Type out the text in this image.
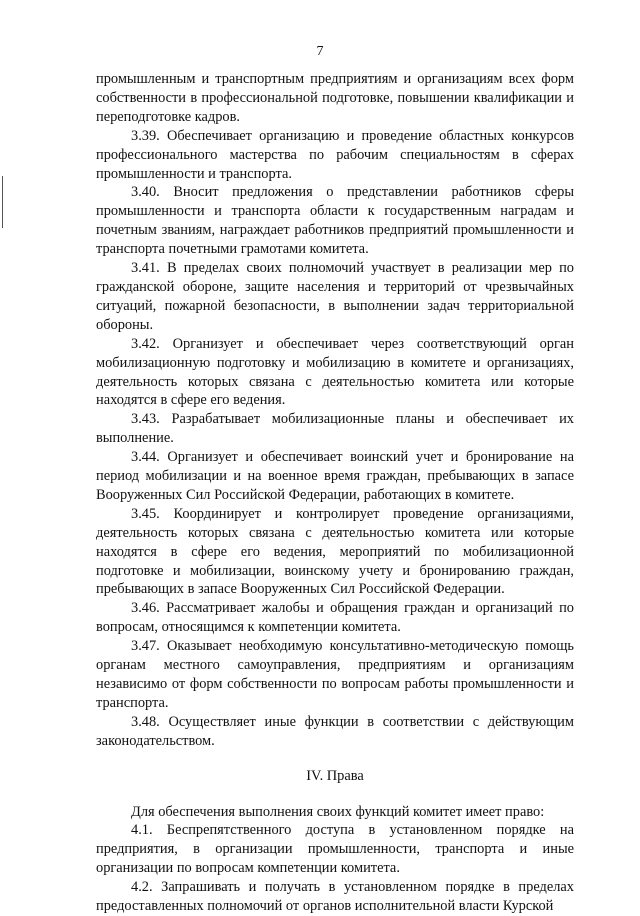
7

промышленным и транспортным предприятиям и организациям всех форм собственности в профессиональной подготовке, повышении квалификации и переподготовке кадров.

3.39. Обеспечивает организацию и проведение областных конкурсов профессионального мастерства по рабочим специальностям в сферах промышленности и транспорта.

3.40. Вносит предложения о представлении работников сферы промышленности и транспорта области к государственным наградам и почетным званиям, награждает работников предприятий промышленности и транспорта почетными грамотами комитета.

3.41. В пределах своих полномочий участвует в реализации мер по гражданской обороне, защите населения и территорий от чрезвычайных ситуаций, пожарной безопасности, в выполнении задач территориальной обороны.

3.42. Организует и обеспечивает через соответствующий орган мобилизационную подготовку и мобилизацию в комитете и организациях, деятельность которых связана с деятельностью комитета или которые находятся в сфере его ведения.

3.43. Разрабатывает мобилизационные планы и обеспечивает их выполнение.

3.44. Организует и обеспечивает воинский учет и бронирование на период мобилизации и на военное время граждан, пребывающих в запасе Вооруженных Сил Российской Федерации, работающих в комитете.

3.45. Координирует и контролирует проведение организациями, деятельность которых связана с деятельностью комитета или которые находятся в сфере его ведения, мероприятий по мобилизационной подготовке и мобилизации, воинскому учету и бронированию граждан, пребывающих в запасе Вооруженных Сил Российской Федерации.

3.46. Рассматривает жалобы и обращения граждан и организаций по вопросам, относящимся к компетенции комитета.

3.47. Оказывает необходимую консультативно-методическую помощь органам местного самоуправления, предприятиям и организациям независимо от форм собственности по вопросам работы промышленности и транспорта.

3.48. Осуществляет иные функции в соответствии с действующим законодательством.

IV. Права

Для обеспечения выполнения своих функций комитет имеет право:

4.1. Беспрепятственного доступа в установленном порядке на предприятия, в организации промышленности, транспорта и иные организации по вопросам компетенции комитета.

4.2. Запрашивать и получать в установленном порядке в пределах предоставленных полномочий от органов исполнительной власти Курской
